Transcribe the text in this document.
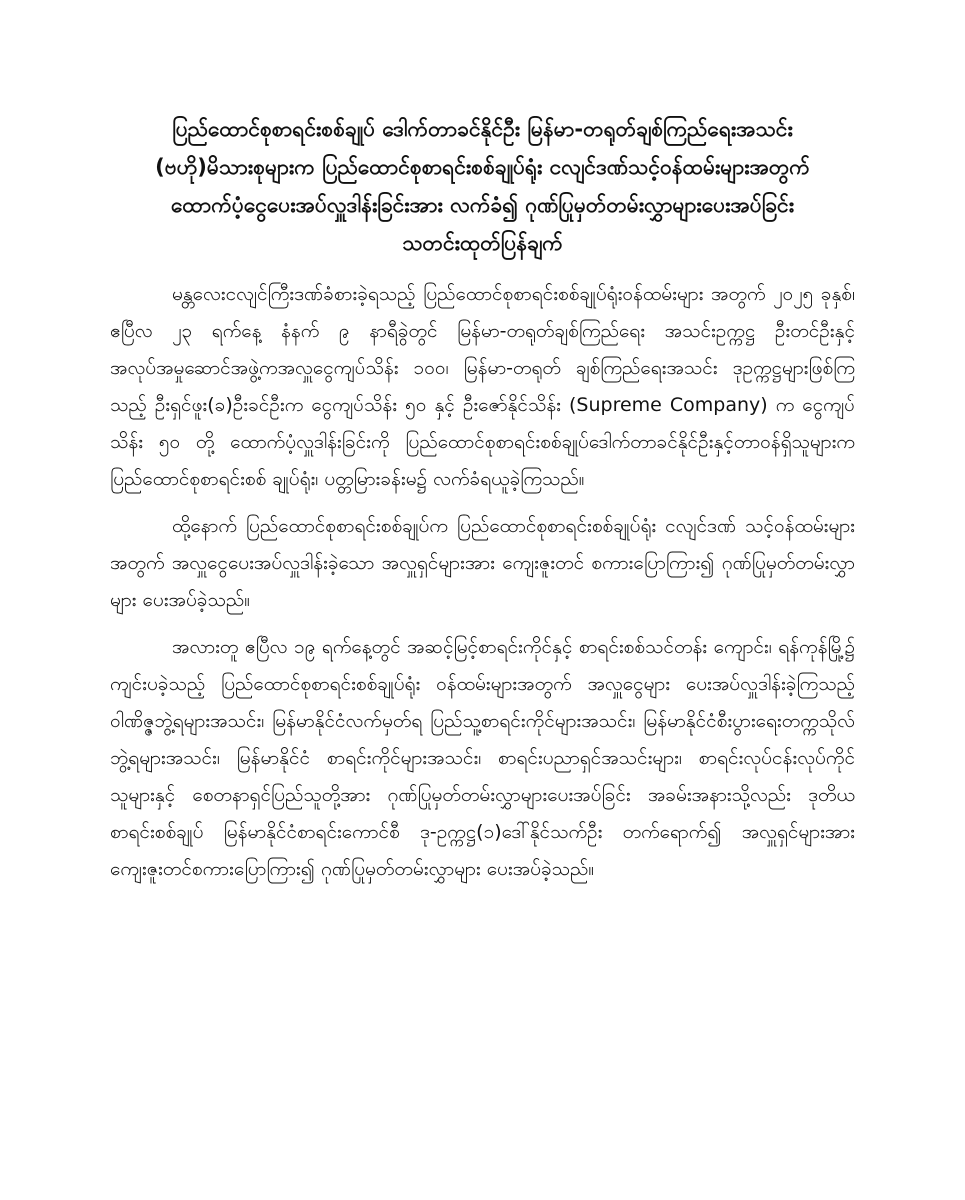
ပြည်ထောင်စုစာရင်းစစ်ချုပ် ဒေါက်တာခင်နိုင်ဦး မြန်မာ-တရုတ်ချစ်ကြည်ရေးအသင်း
(ဗဟို)မိသားစုများက ပြည်ထောင်စုစာရင်းစစ်ချုပ်ရုံး ငလျင်ဒဏ်သင့်ဝန်ထမ်းများအတွက်
ထောက်ပံ့ငွေပေးအပ်လှူဒါန်းခြင်းအား လက်ခံ၍ ဂုဏ်ပြုမှတ်တမ်းလွှာများပေးအပ်ခြင်း
သတင်းထုတ်ပြန်ချက်

မန္တလေးငလျင်ကြီးဒဏ်ခံစားခဲ့ရသည့် ပြည်ထောင်စုစာရင်းစစ်ချုပ်ရုံးဝန်ထမ်းများ အတွက် ၂၀၂၅ ခုနှစ်၊ ဧပြီလ ၂၃ ရက်နေ့ နံနက် ၉ နာရီခွဲတွင် မြန်မာ-တရုတ်ချစ်ကြည်ရေး အသင်းဥက္ကဋ္ဌ ဦးတင်ဦးနှင့်အလုပ်အမှုဆောင်အဖွဲ့ကအလှူငွေကျပ်သိန်း ၁၀၀၊ မြန်မာ-တရုတ် ချစ်ကြည်ရေးအသင်း ဒုဥက္ကဋ္ဌများဖြစ်ကြသည့် ဦးရှင်ဖူး(ခ)ဦးခင်ဦးက ငွေကျပ်သိန်း ၅၀ နှင့် ဦးဇော်နိုင်သိန်း (Supreme Company) က ငွေကျပ်သိန်း ၅၀ တို့ ထောက်ပံ့လှူဒါန်းခြင်းကို ပြည်ထောင်စုစာရင်းစစ်ချုပ်ဒေါက်တာခင်နိုင်ဦးနှင့်တာဝန်ရှိသူများက ပြည်ထောင်စုစာရင်းစစ် ချုပ်ရုံး၊ ပတ္တမြားခန်းမ၌ လက်ခံရယူခဲ့ကြသည်။

ထို့နောက် ပြည်ထောင်စုစာရင်းစစ်ချုပ်က ပြည်ထောင်စုစာရင်းစစ်ချုပ်ရုံး ငလျင်ဒဏ် သင့်ဝန်ထမ်းများအတွက် အလှူငွေပေးအပ်လှူဒါန်းခဲ့သော အလှူရှင်များအား ကျေးဇူးတင် စကားပြောကြား၍ ဂုဏ်ပြုမှတ်တမ်းလွှာများ ပေးအပ်ခဲ့သည်။

အလားတူ ဧပြီလ ၁၉ ရက်နေ့တွင် အဆင့်မြင့်စာရင်းကိုင်နှင့် စာရင်းစစ်သင်တန်း ကျောင်း၊ ရန်ကုန်မြို့၌ ကျင်းပခဲ့သည့် ပြည်ထောင်စုစာရင်းစစ်ချုပ်ရုံး ဝန်ထမ်းများအတွက် အလှူငွေများ ပေးအပ်လှူဒါန်းခဲ့ကြသည့် ဝါဏိဇ္ဇဘွဲ့ရများအသင်း၊ မြန်မာနိုင်ငံလက်မှတ်ရ ပြည်သူ့စာရင်းကိုင်များအသင်း၊ မြန်မာနိုင်ငံစီးပွားရေးတက္ကသိုလ်ဘွဲ့ရများအသင်း၊ မြန်မာနိုင်ငံ စာရင်းကိုင်များအသင်း၊ စာရင်းပညာရှင်အသင်းများ၊ စာရင်းလုပ်ငန်းလုပ်ကိုင်သူများနှင့် စေတနာရှင်ပြည်သူတို့အား ဂုဏ်ပြုမှတ်တမ်းလွှာများပေးအပ်ခြင်း အခမ်းအနားသို့လည်း ဒုတိယစာရင်းစစ်ချုပ် မြန်မာနိုင်ငံစာရင်းကောင်စီ ဒု-ဥက္ကဋ္ဌ(၁)ဒေါ်နိုင်သက်ဦး တက်ရောက်၍ အလှူရှင်များအား ကျေးဇူးတင်စကားပြောကြား၍ ဂုဏ်ပြုမှတ်တမ်းလွှာများ ပေးအပ်ခဲ့သည်။
